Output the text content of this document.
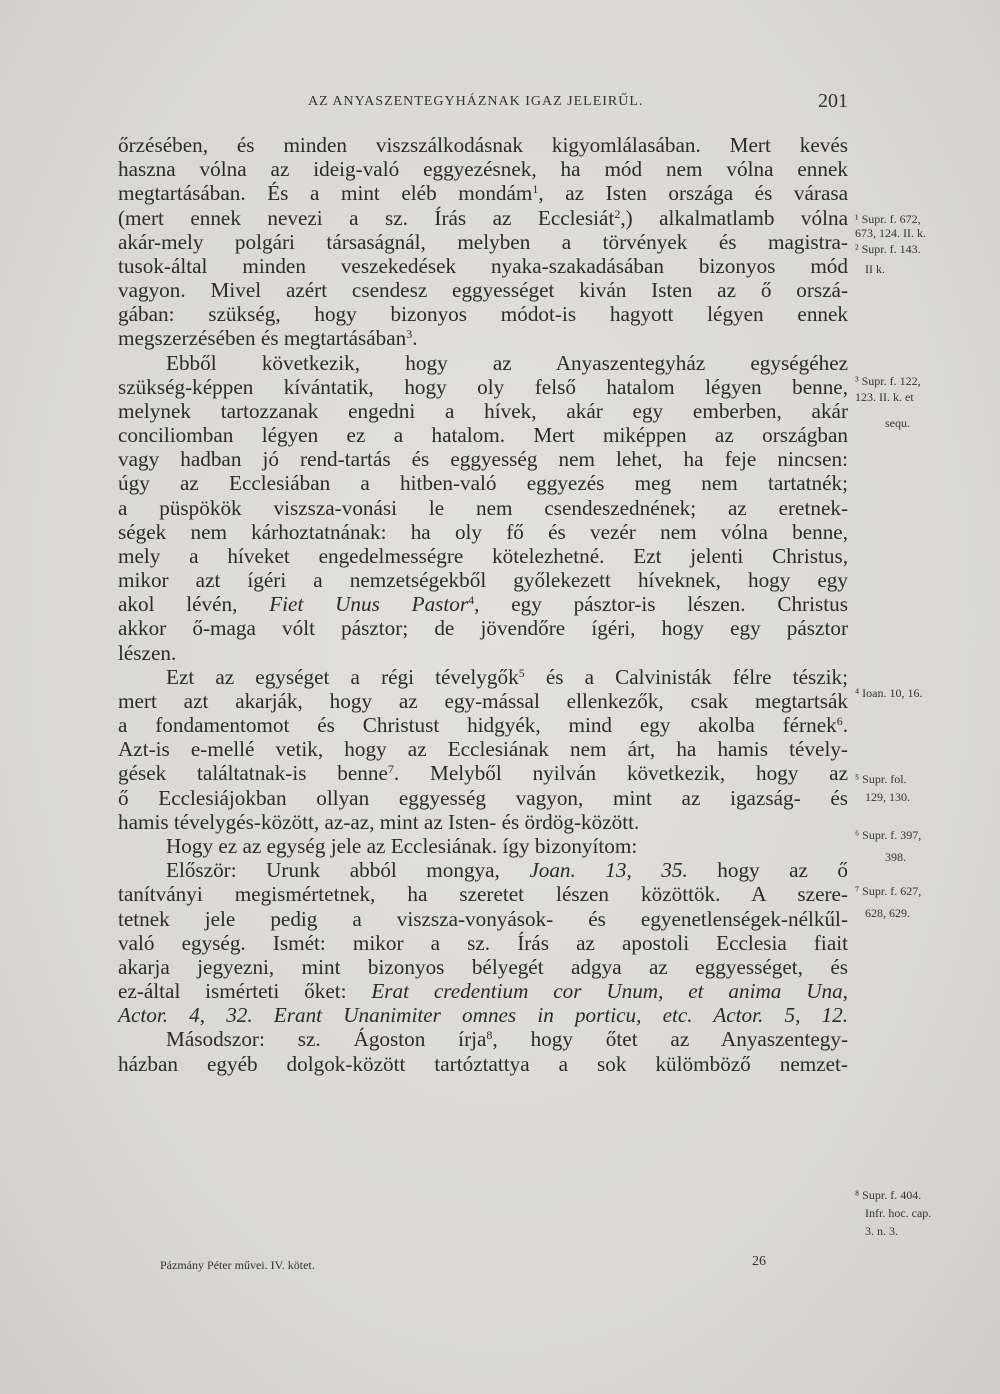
AZ ANYASZENTEGYHÁZNAK IGAZ JELEIRŰL.	201
őrzésében, és minden viszszálkodásnak kigyomlálasában. Mert kevés
haszna vólna az ideig-való eggyezésnek, ha mód nem vólna ennek
megtartásában. És a mint eléb mondám$^1$, az Isten országa és várasa
(mert ennek nevezi a sz. Írás az Ecclesiát$^2$,) alkalmatlamb vólna
akár-mely polgári társaságnál, melyben a törvények és magistra-
tusok-által minden veszekedések nyaka-szakadásában bizonyos mód
vagyon. Mivel azért csendesz eggyességet kiván Isten az ő orszá-
gában: szükség, hogy bizonyos módot-is hagyott légyen ennek
megszerzésében és megtartásában$^3$.
Ebből következik, hogy az Anyaszentegyház egységéhez
szükség-képpen kívántatik, hogy oly felső hatalom légyen benne,
melynek tartozzanak engedni a hívek, akár egy emberben, akár
conciliomban légyen ez a hatalom. Mert miképpen az országban
vagy hadban jó rend-tartás és eggyesség nem lehet, ha feje nincsen:
úgy az Ecclesiában a hitben-való eggyezés meg nem tartatnék;
a püspökök viszsza-vonási le nem csendeszednének; az eretnek-
ségek nem kárhoztatnának: ha oly fő és vezér nem vólna benne,
mely a híveket engedelmességre kötelezhetné. Ezt jelenti Christus,
mikor azt ígéri a nemzetségekből győlekezett híveknek, hogy egy
akol lévén, Fiet Unus Pastor$^4$, egy pásztor-is lészen. Christus
akkor ő-maga vólt pásztor; de jövendőre ígéri, hogy egy pásztor
lészen.
Ezt az egységet a régi tévelygők$^5$ és a Calvinisták félre tészik;
mert azt akarják, hogy az egy-mással ellenkezők, csak megtartsák
a fondamentomot és Christust hidgyék, mind egy akolba férnek$^6$.
Azt-is e-mellé vetik, hogy az Ecclesiának nem árt, ha hamis tévely-
gések találtatnak-is benne$^7$. Melyből nyilván következik, hogy az
ő Ecclesiájokban ollyan eggyesség vagyon, mint az igazság- és
hamis tévelygés-között, az-az, mint az Isten- és ördög-között.
Hogy ez az egység jele az Ecclesiának. így bizonyítom:
Először: Urunk abból mongya, Joan. 13, 35. hogy az ő
tanítványi megismértetnek, ha szeretet lészen közöttök. A szere-
tetnek jele pedig a viszsza-vonyások- és egyenetlenségek-nélkűl-
való egység. Ismét: mikor a sz. Írás az apostoli Ecclesia fiait
akarja jegyezni, mint bizonyos bélyegét adgya az eggyességet, és
ez-által ismérteti őket: Erat credentium cor Unum, et anima Una,
Actor. 4, 32. Erant Unanimiter omnes in porticu, etc. Actor. 5, 12.
Másodszor: sz. Ágoston írja$^8$, hogy őtet az Anyaszentegy-
házban egyéb dolgok-között tartóztattya a sok külömböző nemzet-
¹ Supr. f. 672,
673, 124. II. k.
² Supr. f. 143.
II k.
³ Supr. f. 122,
123. II. k. et
sequ.
⁴ Ioan. 10, 16.
⁵ Supr. fol.
129, 130.
⁶ Supr. f. 397,
398.
⁷ Supr. f. 627,
628, 629.
⁸ Supr. f. 404.
Infr. hoc. cap.
3. n. 3.
Pázmány Péter művei. IV. kötet.	26
